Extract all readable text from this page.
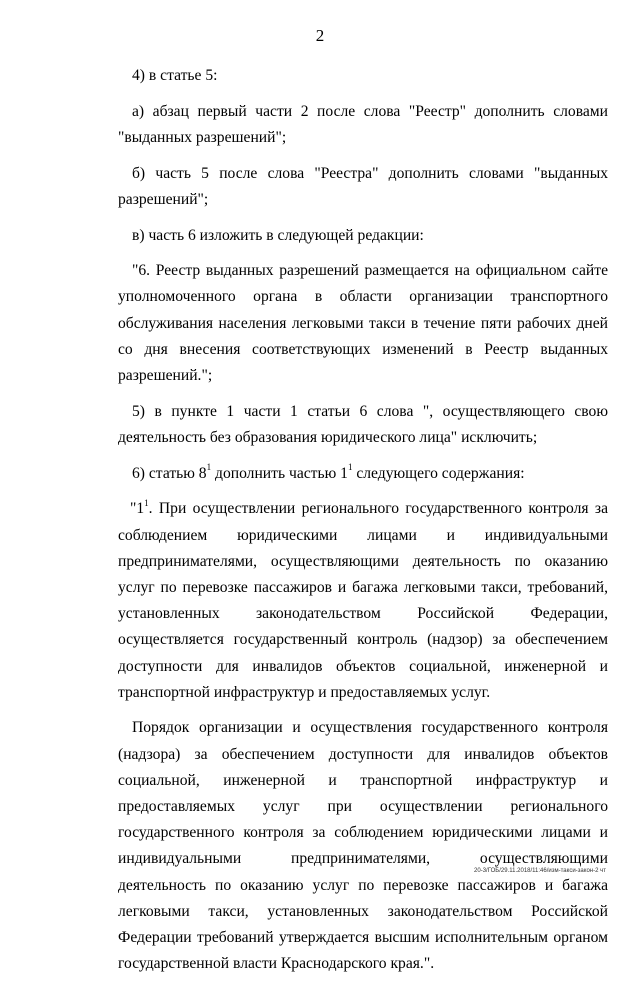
2

4) в статье 5:

а) абзац первый части 2 после слова "Реестр" дополнить словами "выданных разрешений";

б) часть 5 после слова "Реестра" дополнить словами "выданных разрешений";

в) часть 6 изложить в следующей редакции:

"6. Реестр выданных разрешений размещается на официальном сайте уполномоченного органа в области организации транспортного обслуживания населения легковыми такси в течение пяти рабочих дней со дня внесения соответствующих изменений в Реестр выданных разрешений.";

5) в пункте 1 части 1 статьи 6 слова ", осуществляющего свою деятельность без образования юридического лица" исключить;

6) статью $8^1$ дополнить частью $1^1$ следующего содержания:

"$1^1$. При осуществлении регионального государственного контроля за соблюдением юридическими лицами и индивидуальными предпринимателями, осуществляющими деятельность по оказанию услуг по перевозке пассажиров и багажа легковыми такси, требований, установленных законодательством Российской Федерации, осуществляется государственный контроль (надзор) за обеспечением доступности для инвалидов объектов социальной, инженерной и транспортной инфраструктур и предоставляемых услуг.

Порядок организации и осуществления государственного контроля (надзора) за обеспечением доступности для инвалидов объектов социальной, инженерной и транспортной инфраструктур и предоставляемых услуг при осуществлении регионального государственного контроля за соблюдением юридическими лицами и индивидуальными предпринимателями, осуществляющими деятельность по оказанию услуг по перевозке пассажиров и багажа легковыми такси, установленных законодательством Российской Федерации требований утверждается высшим исполнительным органом государственной власти Краснодарского края.".

20-3/ГОБ/29.11.2018/11:46/изм-такси-закон-2 чт
